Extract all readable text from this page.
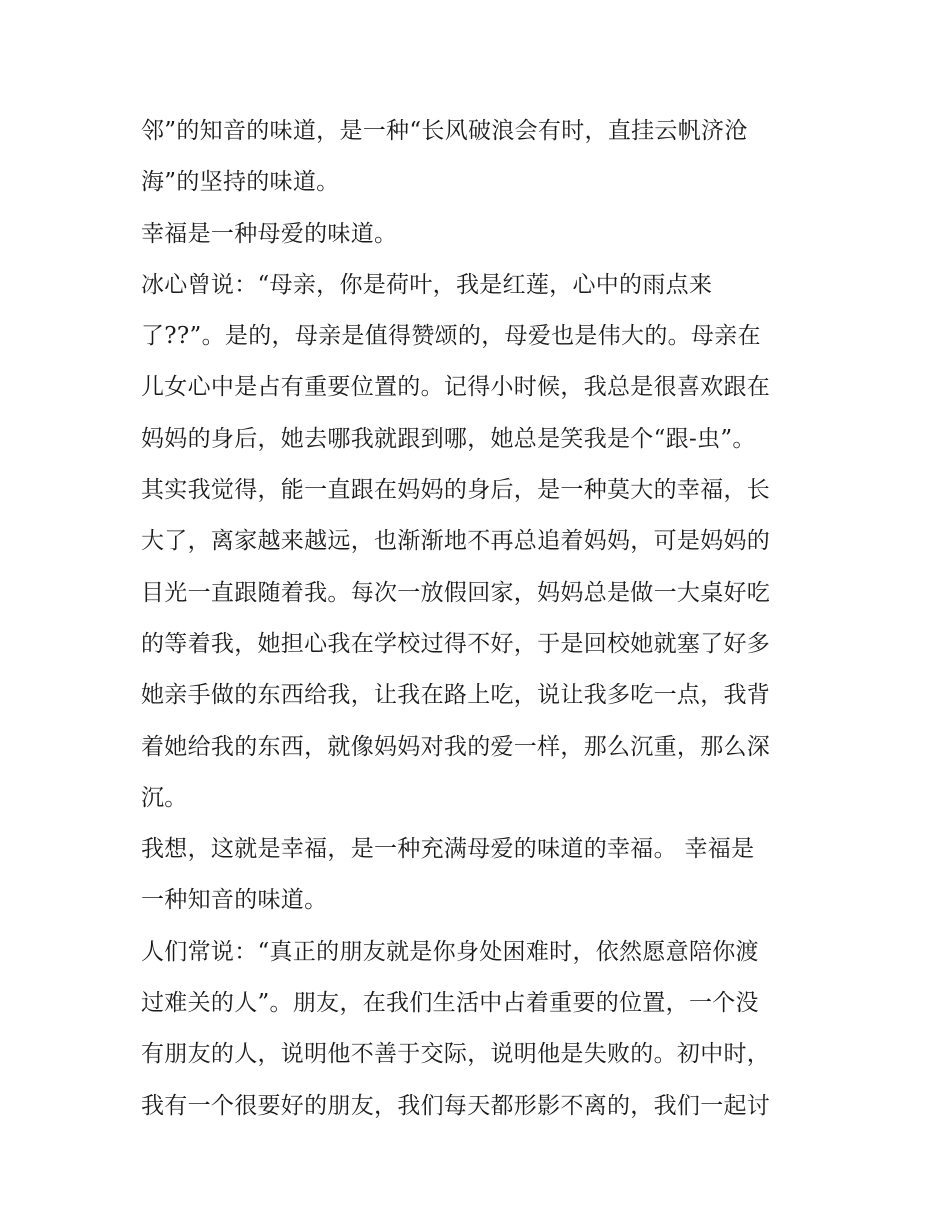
邻”的知音的味道，是一种“长风破浪会有时，直挂云帆济沧
海”的坚持的味道。
幸福是一种母爱的味道。
冰心曾说：“母亲，你是荷叶，我是红莲，心中的雨点来
了??”。是的，母亲是值得赞颂的，母爱也是伟大的。母亲在
儿女心中是占有重要位置的。记得小时候，我总是很喜欢跟在
妈妈的身后，她去哪我就跟到哪，她总是笑我是个“跟-虫”。
其实我觉得，能一直跟在妈妈的身后，是一种莫大的幸福，长
大了，离家越来越远，也渐渐地不再总追着妈妈，可是妈妈的
目光一直跟随着我。每次一放假回家，妈妈总是做一大桌好吃
的等着我，她担心我在学校过得不好，于是回校她就塞了好多
她亲手做的东西给我，让我在路上吃，说让我多吃一点，我背
着她给我的东西，就像妈妈对我的爱一样，那么沉重，那么深
沉。
我想，这就是幸福，是一种充满母爱的味道的幸福。 幸福是
一种知音的味道。
人们常说：“真正的朋友就是你身处困难时，依然愿意陪你渡
过难关的人”。朋友，在我们生活中占着重要的位置，一个没
有朋友的人，说明他不善于交际，说明他是失败的。初中时，
我有一个很要好的朋友，我们每天都形影不离的，我们一起讨
